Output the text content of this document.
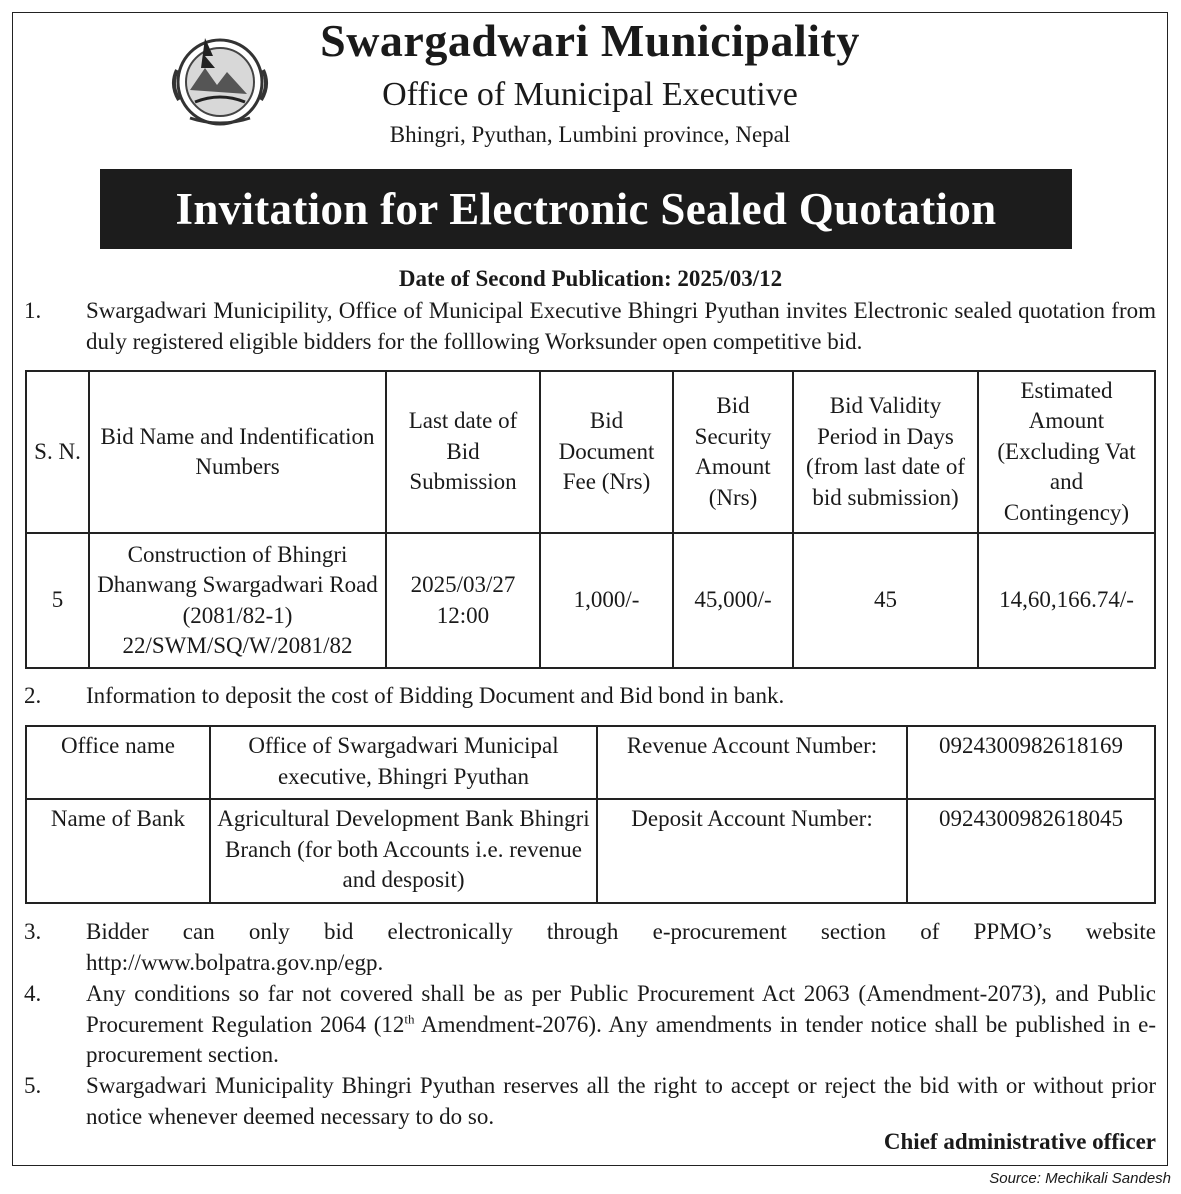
Swargadwari Municipality
Office of Municipal Executive
Bhingri, Pyuthan, Lumbini province, Nepal
Invitation for Electronic Sealed Quotation
Date of Second Publication: 2025/03/12
1. Swargadwari Municipility, Office of Municipal Executive Bhingri Pyuthan invites Electronic sealed quotation from duly registered eligible bidders for the folllowing Worksunder open competitive bid.
S. N.	Bid Name and Indentification Numbers	Last date of Bid Submission	Bid Document Fee (Nrs)	Bid Security Amount (Nrs)	Bid Validity Period in Days (from last date of bid submission)	Estimated Amount (Excluding Vat and Contingency)
5	Construction of Bhingri Dhanwang Swargadwari Road (2081/82-1) 22/SWM/SQ/W/2081/82	2025/03/27 12:00	1,000/-	45,000/-	45	14,60,166.74/-
2. Information to deposit the cost of Bidding Document and Bid bond in bank.
Office name	Office of Swargadwari Municipal executive, Bhingri Pyuthan	Revenue Account Number:	0924300982618169
Name of Bank	Agricultural Development Bank Bhingri Branch (for both Accounts i.e. revenue and desposit)	Deposit Account Number:	0924300982618045
3. Bidder can only bid electronically through e-procurement section of PPMO’s website http://www.bolpatra.gov.np/egp.
4. Any conditions so far not covered shall be as per Public Procurement Act 2063 (Amendment-2073), and Public Procurement Regulation 2064 (12th Amendment-2076). Any amendments in tender notice shall be published in e-procurement section.
5. Swargadwari Municipality Bhingri Pyuthan reserves all the right to accept or reject the bid with or without prior notice whenever deemed necessary to do so.
Chief administrative officer
Source: Mechikali Sandesh
